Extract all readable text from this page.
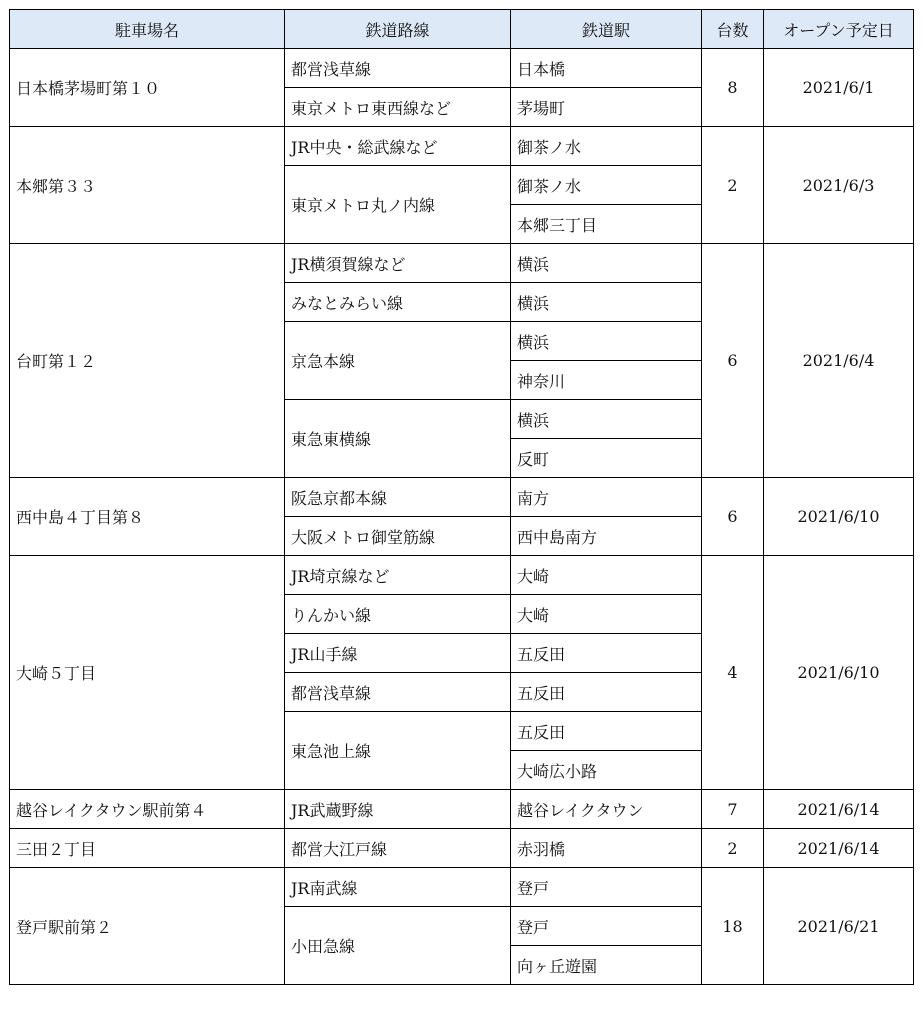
駐車場名	鉄道路線	鉄道駅	台数	オープン予定日
日本橋茅場町第１０	都営浅草線	日本橋	8	2021/6/1
	東京メトロ東西線など	茅場町		
本郷第３３	JR中央・総武線など	御茶ノ水	2	2021/6/3
	東京メトロ丸ノ内線	御茶ノ水		
		本郷三丁目		
台町第１２	JR横須賀線など	横浜	6	2021/6/4
	みなとみらい線	横浜		
	京急本線	横浜		
		神奈川		
	東急東横線	横浜		
		反町		
西中島４丁目第８	阪急京都本線	南方	6	2021/6/10
	大阪メトロ御堂筋線	西中島南方		
大崎５丁目	JR埼京線など	大崎	4	2021/6/10
	りんかい線	大崎		
	JR山手線	五反田		
	都営浅草線	五反田		
	東急池上線	五反田		
		大崎広小路		
越谷レイクタウン駅前第４	JR武蔵野線	越谷レイクタウン	7	2021/6/14
三田２丁目	都営大江戸線	赤羽橋	2	2021/6/14
登戸駅前第２	JR南武線	登戸	18	2021/6/21
	小田急線	登戸		
		向ヶ丘遊園		
